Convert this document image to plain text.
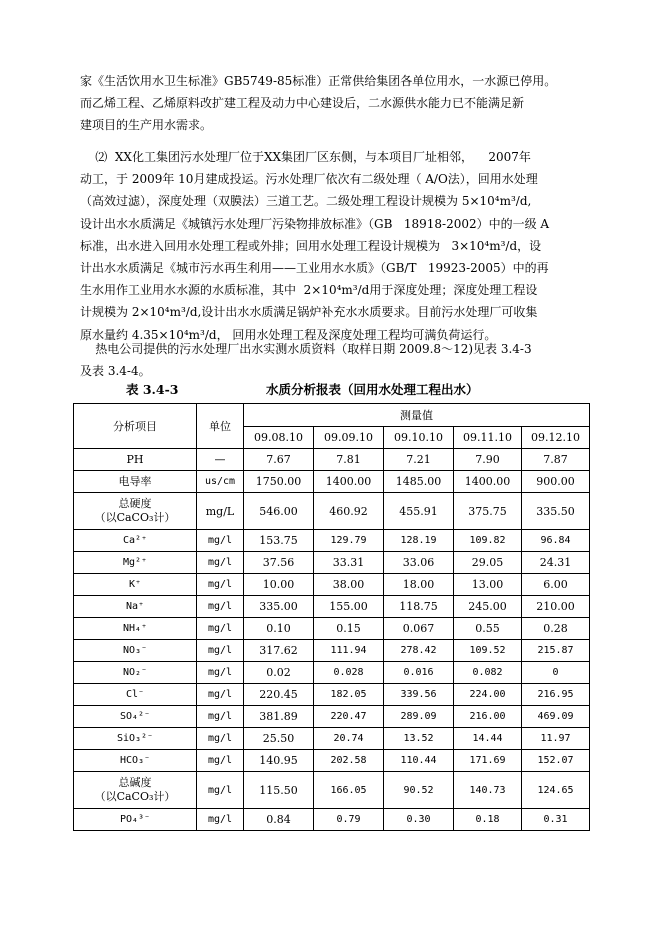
家《生活饮用水卫生标准》GB5749-85标准）正常供给集团各单位用水，一水源已停用。

而乙烯工程、乙烯原料改扩建工程及动力中心建设后，二水源供水能力已不能满足新

建项目的生产用水需求。

⑵  XX化工集团污水处理厂位于XX集团厂区东侧，与本项目厂址相邻，    2007年

动工，于 2009年 10月建成投运。污水处理厂依次有二级处理（ A/O法），回用水处理

（高效过滤），深度处理（双膜法）三道工艺。二级处理工程设计规模为 5×10⁴m³/d,

设计出水水质满足《城镇污水处理厂污染物排放标准》（GB   18918-2002）中的一级 A

标准，出水进入回用水处理工程或外排；回用水处理工程设计规模为   3×10⁴m³/d，设

计出水水质满足《城市污水再生利用——工业用水水质》（GB/T   19923-2005）中的再

生水用作工业用水水源的水质标准，其中  2×10⁴m³/d用于深度处理；深度处理工程设

计规模为 2×10⁴m³/d,设计出水水质满足锅炉补充水水质要求。目前污水处理厂可收集

原水量约 4.35×10⁴m³/d， 回用水处理工程及深度处理工程均可满负荷运行。

热电公司提供的污水处理厂出水实测水质资料（取样日期 2009.8～12)见表 3.4-3

及表 3.4-4。

表 3.4-3	水质分析报表（回用水处理工程出水）
分析项目	单位	测量值				
		09.08.10	09.09.10	09.10.10	09.11.10	09.12.10
PH	—	7.67	7.81	7.21	7.90	7.87
电导率	us/cm	1750.00	1400.00	1485.00	1400.00	900.00

总硬度
（以CaCO₃计）	mg/L	546.00	460.92	455.91	375.75	335.50
Ca²⁺	mg/l	153.75	129.79	128.19	109.82	96.84
Mg²⁺	mg/l	37.56	33.31	33.06	29.05	24.31
K⁺	mg/l	10.00	38.00	18.00	13.00	6.00
Na⁺	mg/l	335.00	155.00	118.75	245.00	210.00
NH₄⁺	mg/l	0.10	0.15	0.067	0.55	0.28
NO₃⁻	mg/l	317.62	111.94	278.42	109.52	215.87
NO₂⁻	mg/l	0.02	0.028	0.016	0.082	0
Cl⁻	mg/l	220.45	182.05	339.56	224.00	216.95
SO₄²⁻	mg/l	381.89	220.47	289.09	216.00	469.09
SiO₃²⁻	mg/l	25.50	20.74	13.52	14.44	11.97
HCO₃⁻	mg/l	140.95	202.58	110.44	171.69	152.07

总碱度
（以CaCO₃计）	mg/l	115.50	166.05	90.52	140.73	124.65
PO₄³⁻	mg/l	0.84	0.79	0.30	0.18	0.31
